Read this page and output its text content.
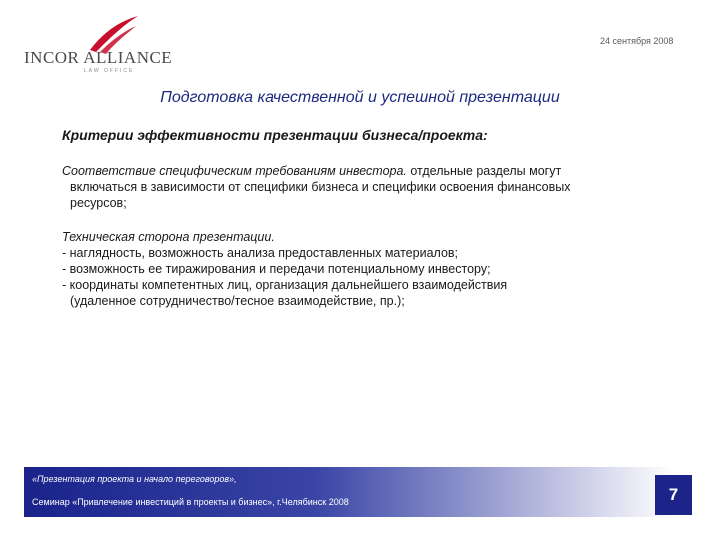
INCOR ALLIANCE
LAW OFFICE
24 сентября 2008
Подготовка качественной и успешной презентации
Критерии эффективности презентации бизнеса/проекта:
Соответствие специфическим требованиям инвестора. отдельные разделы могут
включаться в зависимости от специфики бизнеса и специфики освоения финансовых
ресурсов;
Техническая сторона презентации.
- наглядность, возможность анализа предоставленных материалов;
- возможность ее тиражирования и передачи потенциальному инвестору;
- координаты компетентных лиц, организация дальнейшего взаимодействия
(удаленное сотрудничество/тесное взаимодействие, пр.);
«Презентация проекта и начало переговоров»,
Семинар «Привлечение инвестиций в проекты и бизнес», г.Челябинск 2008	7
